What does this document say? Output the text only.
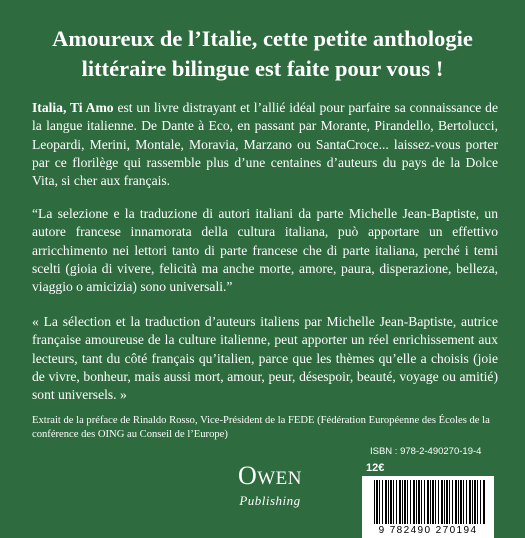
Amoureux de l’Italie, cette petite anthologie littéraire bilingue est faite pour vous !

Italia, Ti Amo est un livre distrayant et l’allié idéal pour parfaire sa connaissance de la langue italienne. De Dante à Eco, en passant par Morante, Pirandello, Bertolucci, Leopardi, Merini, Montale, Moravia, Marzano ou SantaCroce... laissez-vous porter par ce florilège qui rassemble plus d’une centaines d’auteurs du pays de la Dolce Vita, si cher aux français.

“La selezione e la traduzione di autori italiani da parte Michelle Jean-Baptiste, un autore francese innamorata della cultura italiana, può apportare un effettivo arricchimento nei lettori tanto di parte francese che di parte italiana, perché i temi scelti (gioia di vivere, felicità ma anche morte, amore, paura, disperazione, belleza, viaggio o amicizia) sono universali.”

« La sélection et la traduction d’auteurs italiens par Michelle Jean-Baptiste, autrice française amoureuse de la culture italienne, peut apporter un réel enrichissement aux lecteurs, tant du côté français qu’italien, parce que les thèmes qu’elle a choisis (joie de vivre, bonheur, mais aussi mort, amour, peur, désespoir, beauté, voyage ou amitié) sont universels. »

Extrait de la préface de Rinaldo Rosso, Vice-Président de la FEDE (Fédération Européenne des Écoles de la conférence des OING au Conseil de l’Europe)

OWEN
Publishing
ISBN : 978-2-490270-19-4
12€
9 782490 270194
